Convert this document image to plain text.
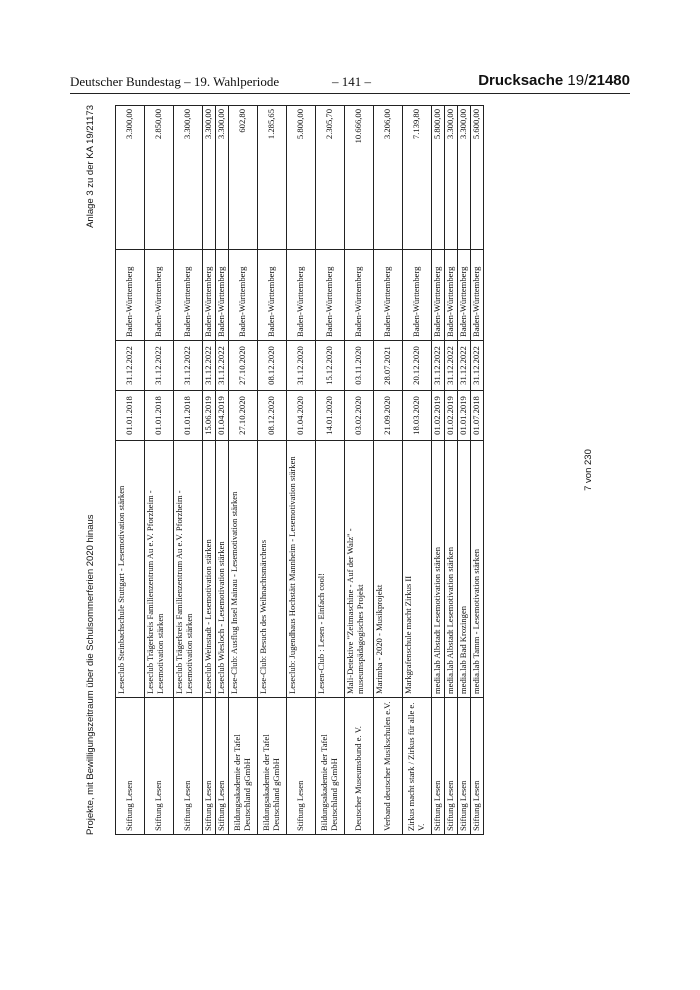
Deutscher Bundestag – 19. Wahlperiode	– 141 –	Drucksache 19/21480
Projekte, mit Bewilligungszeitraum über die Schulsommerferien 2020 hinaus
Anlage 3 zu der KA 19/21173
Stiftung Lesen	Leseclub Steinbachschule Stuttgart - Lesemotivation stärken	01.01.2018	31.12.2022	Baden-Württemberg	3.300,00
Stiftung Lesen	Leseclub Trägerkreis Familienzentrum Au e.V. Pforzheim - Lesemotivation stärken	01.01.2018	31.12.2022	Baden-Württemberg	2.850,00
Stiftung Lesen	Leseclub Trägerkreis Familienzentrum Au e.V. Pforzheim - Lesemotivation stärken	01.01.2018	31.12.2022	Baden-Württemberg	3.300,00
Stiftung Lesen	Leseclub Weinstadt - Lesemotivation stärken	15.06.2019	31.12.2022	Baden-Württemberg	3.300,00
Stiftung Lesen	Leseclub Wiesloch - Lesemotivation stärken	01.04.2019	31.12.2022	Baden-Württemberg	3.300,00
Bildungsakademie der Tafel Deutschland gGmbH	Lese-Club: Ausflug Insel Mainau - Lesemotivation stärken	27.10.2020	27.10.2020	Baden-Württemberg	602,80
Bildungsakademie der Tafel Deutschland gGmbH	Lese-Club: Besuch des Weihnachtsmärchens	08.12.2020	08.12.2020	Baden-Württemberg	1.285,65
Stiftung Lesen	Leseclub: Jugendhaus Hochstätt Mannheim - Lesemotivation stärken	01.04.2020	31.12.2020	Baden-Württemberg	5.800,00
Bildungsakademie der Tafel Deutschland gGmbH	Lesen-Club : Lesen - Einfach cool!	14.01.2020	15.12.2020	Baden-Württemberg	2.305,70
Deutscher Museumsbund e. V.	Mali-Detektive "Zeitmaschine - Auf der Walz" - museumspädagogisches Projekt	03.02.2020	03.11.2020	Baden-Württemberg	10.666,00
Verband deutscher Musikschulen e.V.	Marimba - 2020 - Musikprojekt	21.09.2020	28.07.2021	Baden-Württemberg	3.206,00
Zirkus macht stark / Zirkus für alle e. V.	Markgrafenschule macht Zirkus II	18.03.2020	20.12.2020	Baden-Württemberg	7.139,80
Stiftung Lesen	media.lab Albstadt Lesemotivation stärken	01.02.2019	31.12.2022	Baden-Württemberg	5.800,00
Stiftung Lesen	media.lab Albstadt Lesemotivation stärken	01.02.2019	31.12.2022	Baden-Württemberg	3.300,00
Stiftung Lesen	media.lab Bad Krozingen	01.01.2019	31.12.2022	Baden-Württemberg	3.300,00
Stiftung Lesen	media.lab Tamm - Lesemotivation stärken	01.07.2018	31.12.2022	Baden-Württemberg	5.600,00
7 von 230
